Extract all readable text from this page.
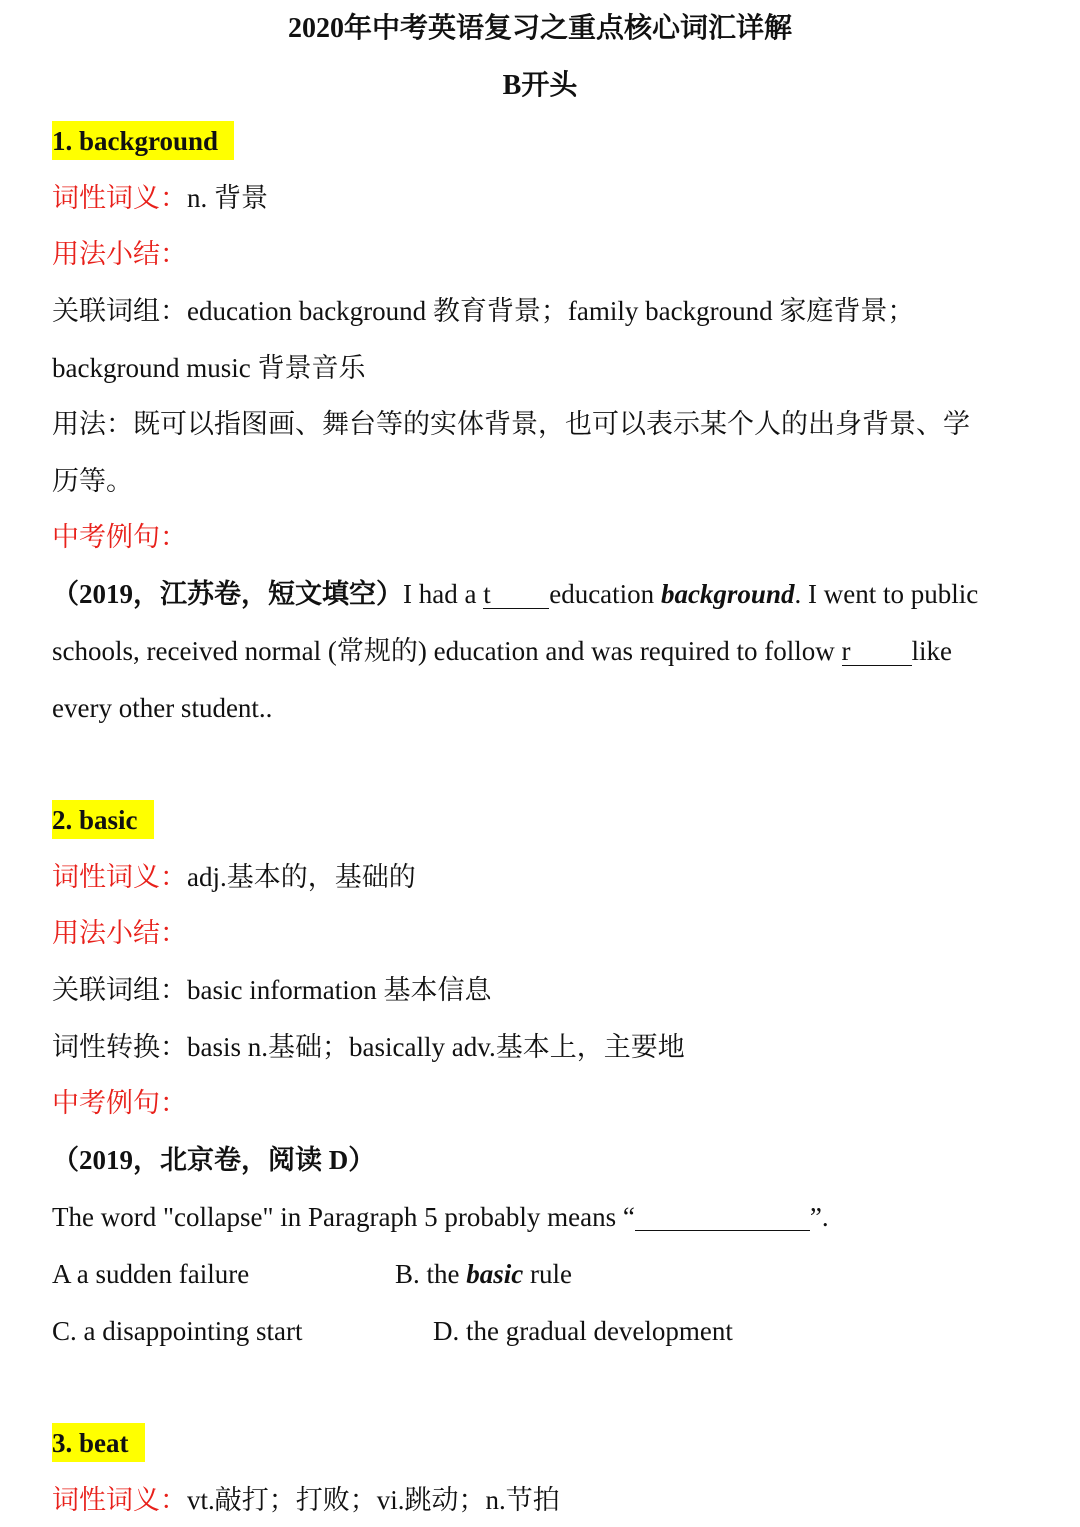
2020年中考英语复习之重点核心词汇详解
B开头
1. background
词性词义：n. 背景
用法小结：
关联词组：education background 教育背景；family background 家庭背景；
background music 背景音乐
用法：既可以指图画、舞台等的实体背景，也可以表示某个人的出身背景、学
历等。
中考例句：
（2019，江苏卷，短文填空）I had a t education background. I went to public
schools, received normal (常规的) education and was required to follow r like
every other student..
2. basic
词性词义：adj.基本的，基础的
用法小结：
关联词组：basic information 基本信息
词性转换：basis n.基础；basically adv.基本上，主要地
中考例句：
（2019，北京卷，阅读 D）
The word "collapse" in Paragraph 5 probably means “	”.
A a sudden failure	B. the basic rule
C. a disappointing start	D. the gradual development
3. beat
词性词义：vt.敲打；打败；vi.跳动；n.节拍
